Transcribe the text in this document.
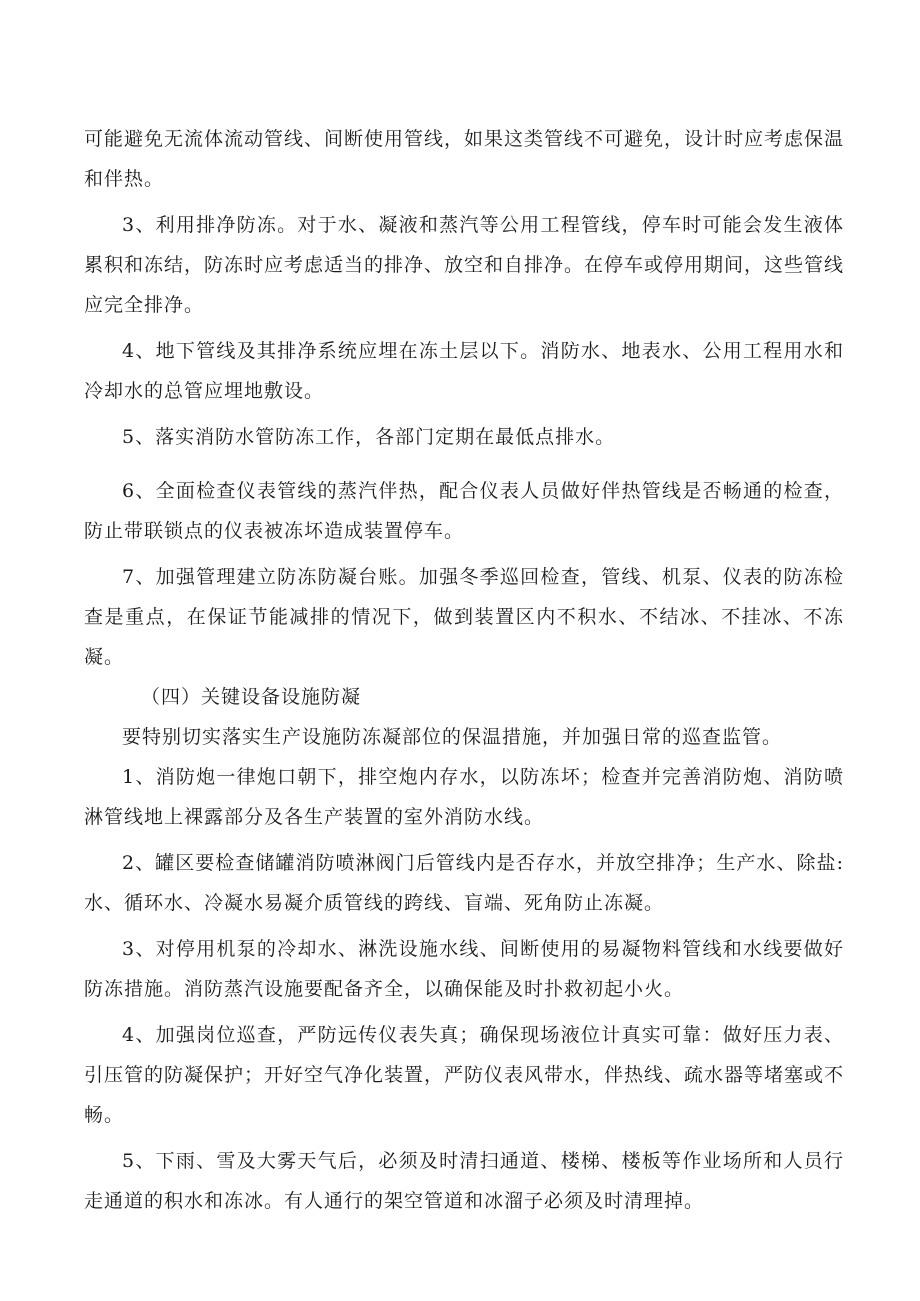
可能避免无流体流动管线、间断使用管线，如果这类管线不可避免，设计时应考虑保温和伴热。

3、利用排净防冻。对于水、凝液和蒸汽等公用工程管线，停车时可能会发生液体累积和冻结，防冻时应考虑适当的排净、放空和自排净。在停车或停用期间，这些管线应完全排净。

4、地下管线及其排净系统应埋在冻土层以下。消防水、地表水、公用工程用水和冷却水的总管应埋地敷设。

5、落实消防水管防冻工作，各部门定期在最低点排水。

6、全面检查仪表管线的蒸汽伴热，配合仪表人员做好伴热管线是否畅通的检查，防止带联锁点的仪表被冻坏造成装置停车。

7、加强管理建立防冻防凝台账。加强冬季巡回检查，管线、机泵、仪表的防冻检查是重点，在保证节能减排的情况下，做到装置区内不积水、不结冰、不挂冰、不冻凝。

（四）关键设备设施防凝

要特别切实落实生产设施防冻凝部位的保温措施，并加强日常的巡查监管。

1、消防炮一律炮口朝下，排空炮内存水，以防冻坏；检查并完善消防炮、消防喷淋管线地上裸露部分及各生产装置的室外消防水线。

2、罐区要检查储罐消防喷淋阀门后管线内是否存水，并放空排净；生产水、除盐:水、循环水、冷凝水易凝介质管线的跨线、盲端、死角防止冻凝。

3、对停用机泵的冷却水、淋洗设施水线、间断使用的易凝物料管线和水线要做好防冻措施。消防蒸汽设施要配备齐全，以确保能及时扑救初起小火。

4、加强岗位巡查，严防远传仪表失真；确保现场液位计真实可靠：做好压力表、引压管的防凝保护；开好空气净化装置，严防仪表风带水，伴热线、疏水器等堵塞或不畅。

5、下雨、雪及大雾天气后，必须及时清扫通道、楼梯、楼板等作业场所和人员行走通道的积水和冻冰。有人通行的架空管道和冰溜子必须及时清理掉。
